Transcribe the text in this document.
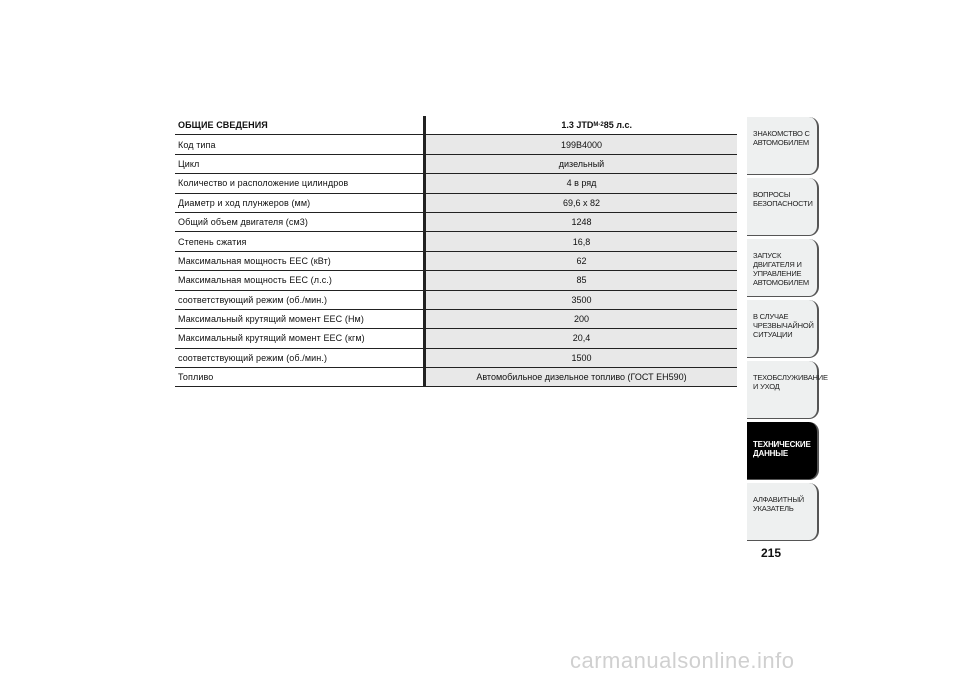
ОБЩИЕ СВЕДЕНИЯ	1.3 JTD M-2 85 л.с.
Код типа	199B4000
Цикл	дизельный
Количество и расположение цилиндров	4 в ряд
Диаметр и ход плунжеров (мм)	69,6 x 82
Общий объем двигателя (см3)	1248
Степень сжатия	16,8
Максимальная мощность ЕЕС (кВт)	62
Максимальная мощность ЕЕС (л.с.)	85
соответствующий режим (об./мин.)	3500
Максимальный крутящий момент ЕЕС (Нм)	200
Максимальный крутящий момент ЕЕС (кгм)	20,4
соответствующий режим (об./мин.)	1500
Топливо	Автомобильное дизельное топливо (ГОСТ ЕН590)
ЗНАКОМСТВО С
АВТОМОБИЛЕМ
ВОПРОСЫ
БЕЗОПАСНОСТИ
ЗАПУСК ДВИГАТЕЛЯ И
УПРАВЛЕНИЕ
АВТОМОБИЛЕМ
В СЛУЧАЕ
ЧРЕЗВЫЧАЙНОЙ
СИТУАЦИИ
ТЕХОБСЛУЖИВАНИЕ
И УХОД
ТЕХНИЧЕСКИЕ
ДАННЫЕ
АЛФАВИТНЫЙ
УКАЗАТЕЛЬ
215
carmanualsonline.info
